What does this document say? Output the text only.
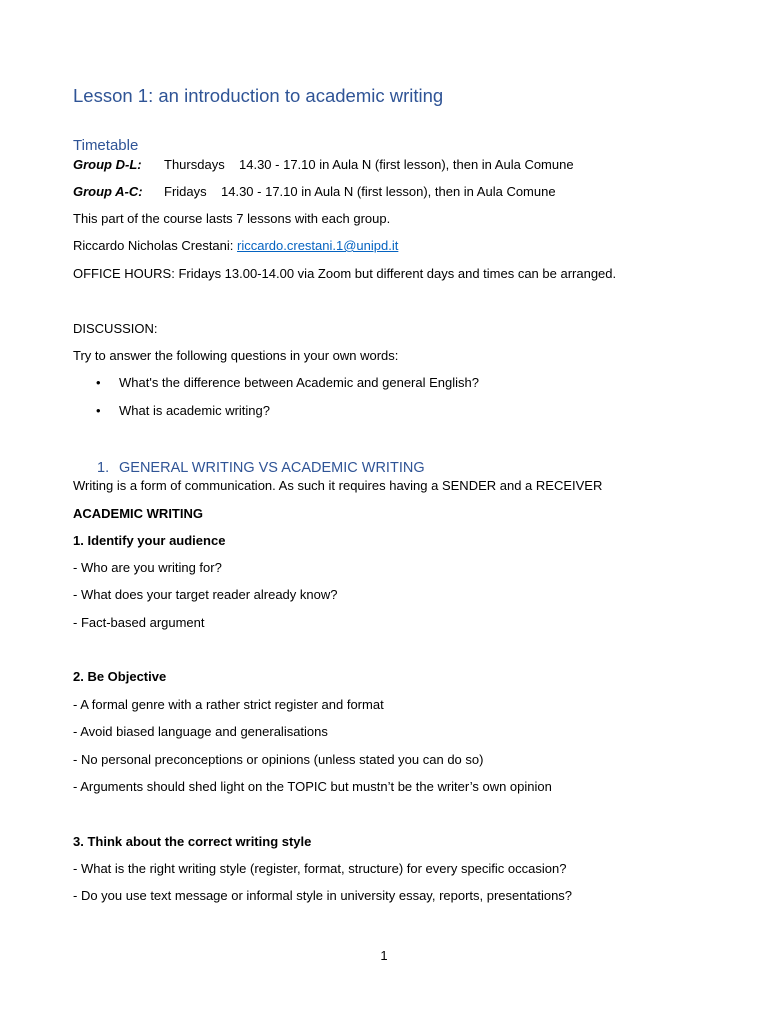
Lesson 1: an introduction to academic writing
Timetable
Group D-L: Thursdays 14.30 - 17.10 in Aula N (first lesson), then in Aula Comune
Group A-C: Fridays 14.30 - 17.10 in Aula N (first lesson), then in Aula Comune
This part of the course lasts 7 lessons with each group.
Riccardo Nicholas Crestani: riccardo.crestani.1@unipd.it
OFFICE HOURS: Fridays 13.00-14.00 via Zoom but different days and times can be arranged.
DISCUSSION:
Try to answer the following questions in your own words:
• What's the difference between Academic and general English?
• What is academic writing?
1. GENERAL WRITING VS ACADEMIC WRITING
Writing is a form of communication. As such it requires having a SENDER and a RECEIVER
ACADEMIC WRITING
1. Identify your audience
- Who are you writing for?
- What does your target reader already know?
- Fact-based argument
2. Be Objective
- A formal genre with a rather strict register and format
- Avoid biased language and generalisations
- No personal preconceptions or opinions (unless stated you can do so)
- Arguments should shed light on the TOPIC but mustn’t be the writer’s own opinion
3. Think about the correct writing style
- What is the right writing style (register, format, structure) for every specific occasion?
- Do you use text message or informal style in university essay, reports, presentations?
1
